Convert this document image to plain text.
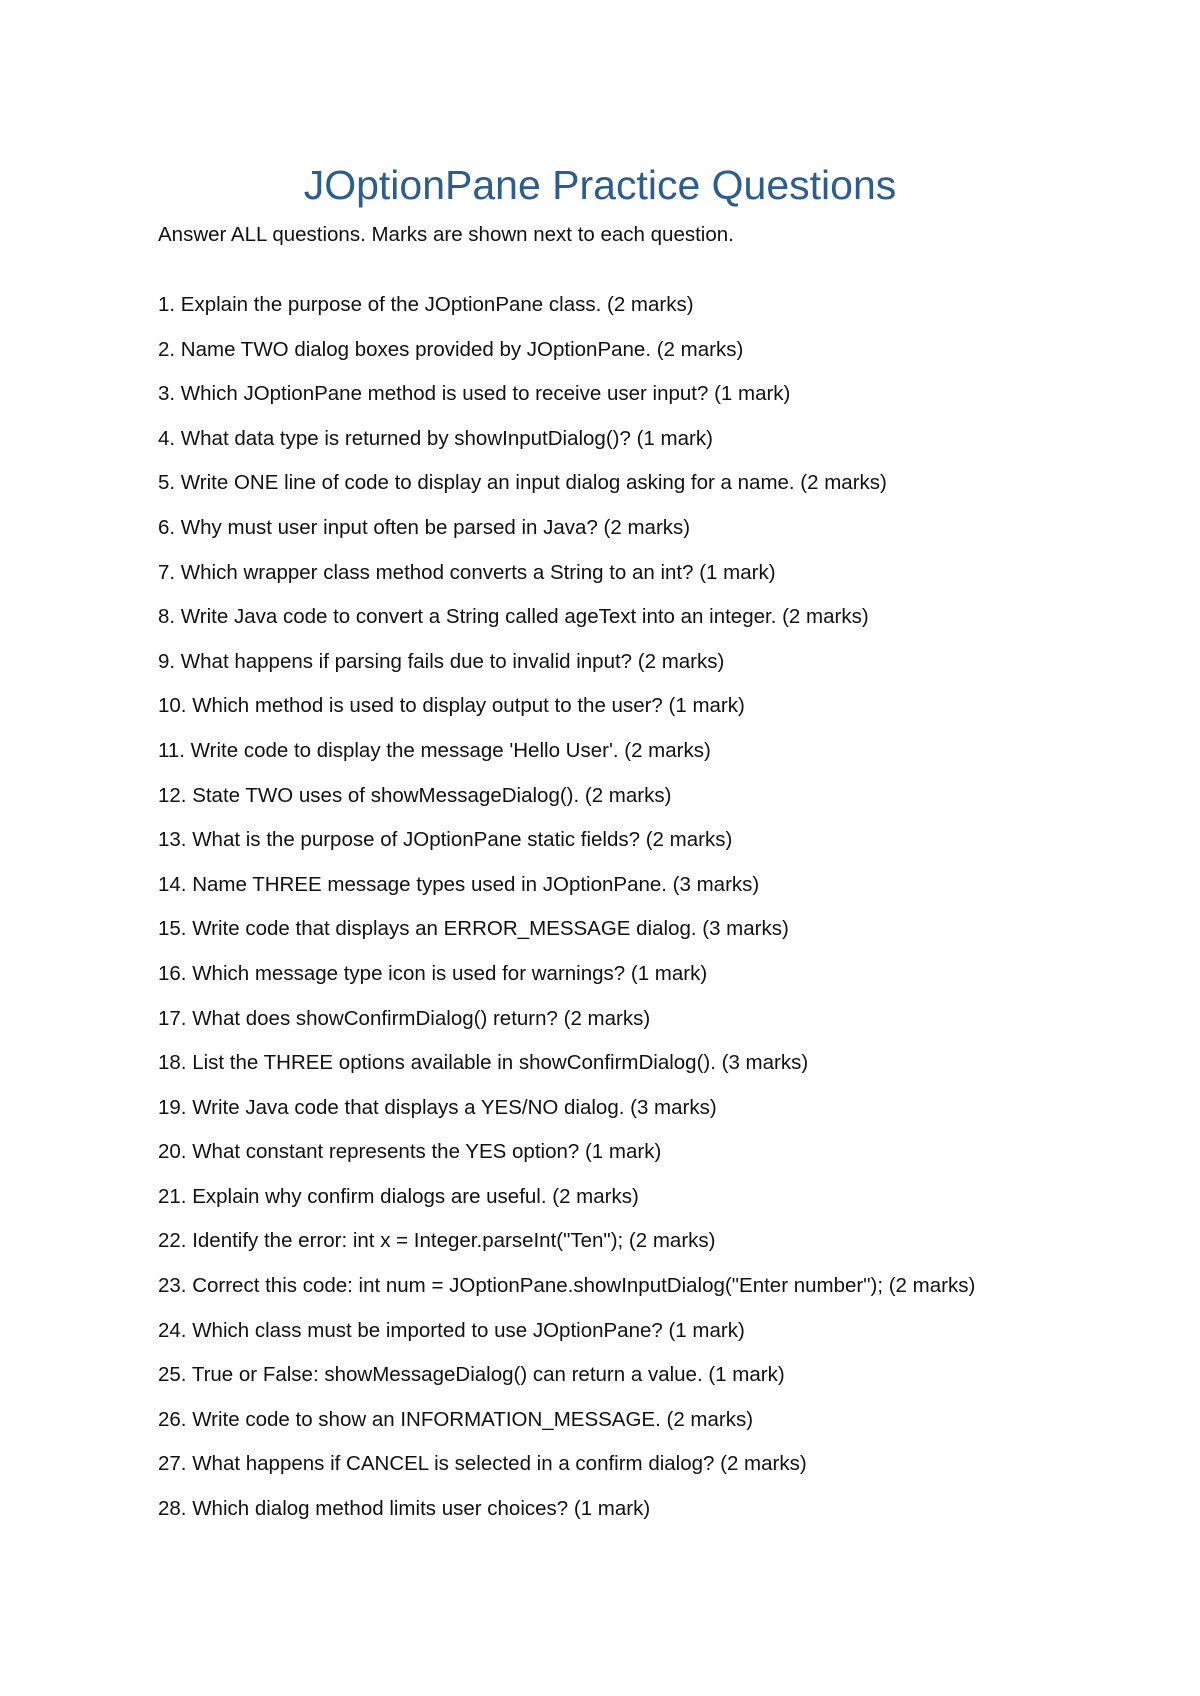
JOptionPane Practice Questions

Answer ALL questions. Marks are shown next to each question.

1. Explain the purpose of the JOptionPane class. (2 marks)
2. Name TWO dialog boxes provided by JOptionPane. (2 marks)
3. Which JOptionPane method is used to receive user input? (1 mark)
4. What data type is returned by showInputDialog()? (1 mark)
5. Write ONE line of code to display an input dialog asking for a name. (2 marks)
6. Why must user input often be parsed in Java? (2 marks)
7. Which wrapper class method converts a String to an int? (1 mark)
8. Write Java code to convert a String called ageText into an integer. (2 marks)
9. What happens if parsing fails due to invalid input? (2 marks)
10. Which method is used to display output to the user? (1 mark)
11. Write code to display the message 'Hello User'. (2 marks)
12. State TWO uses of showMessageDialog(). (2 marks)
13. What is the purpose of JOptionPane static fields? (2 marks)
14. Name THREE message types used in JOptionPane. (3 marks)
15. Write code that displays an ERROR_MESSAGE dialog. (3 marks)
16. Which message type icon is used for warnings? (1 mark)
17. What does showConfirmDialog() return? (2 marks)
18. List the THREE options available in showConfirmDialog(). (3 marks)
19. Write Java code that displays a YES/NO dialog. (3 marks)
20. What constant represents the YES option? (1 mark)
21. Explain why confirm dialogs are useful. (2 marks)
22. Identify the error: int x = Integer.parseInt("Ten"); (2 marks)
23. Correct this code: int num = JOptionPane.showInputDialog("Enter number"); (2 marks)
24. Which class must be imported to use JOptionPane? (1 mark)
25. True or False: showMessageDialog() can return a value. (1 mark)
26. Write code to show an INFORMATION_MESSAGE. (2 marks)
27. What happens if CANCEL is selected in a confirm dialog? (2 marks)
28. Which dialog method limits user choices? (1 mark)
